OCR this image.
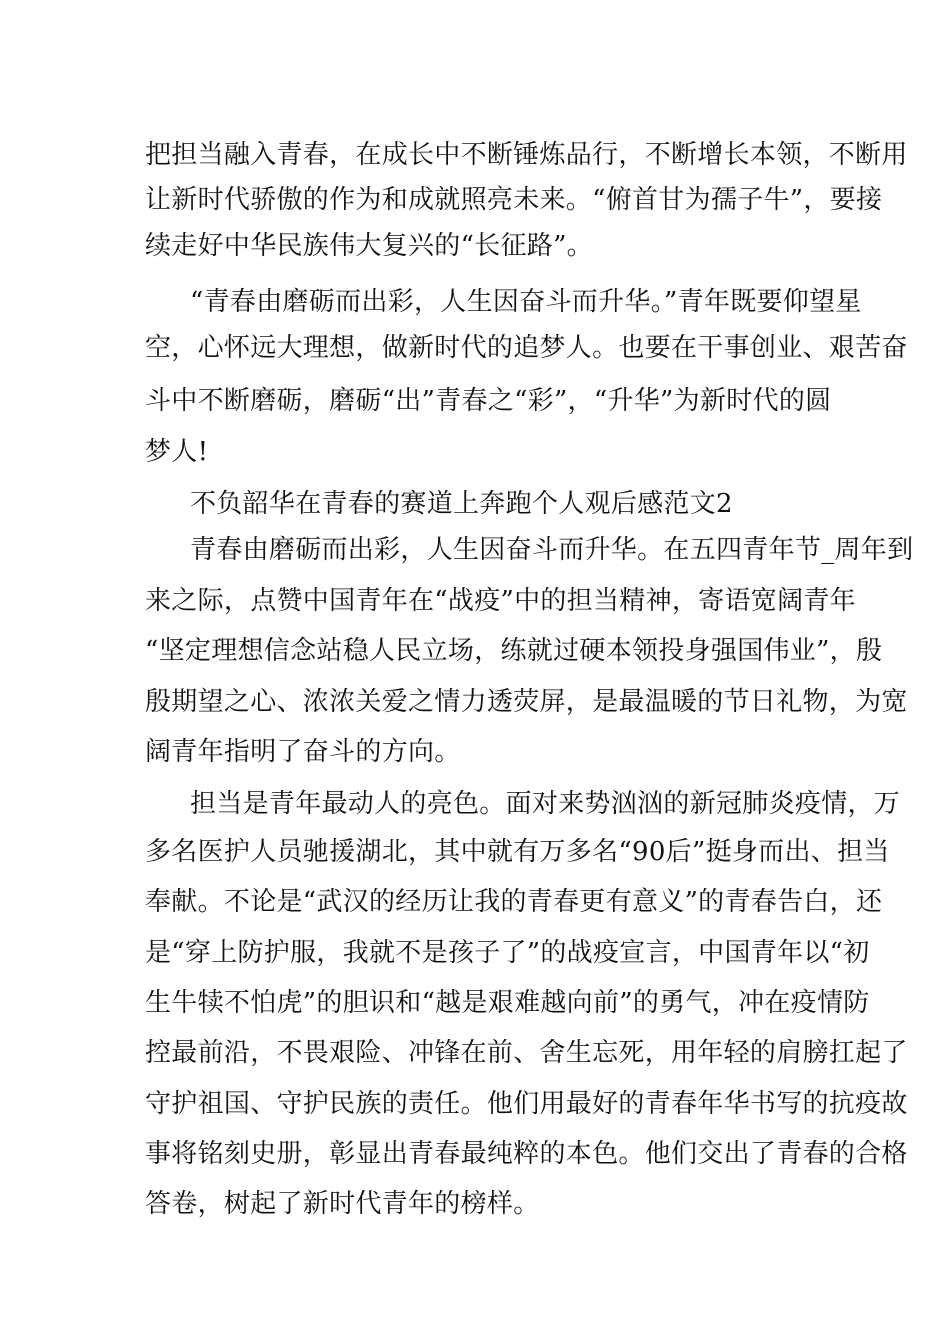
把担当融入青春，在成长中不断锤炼品行，不断增长本领，不断用
让新时代骄傲的作为和成就照亮未来。“俯首甘为孺子牛”，要接
续走好中华民族伟大复兴的“长征路”。
“青春由磨砺而出彩，人生因奋斗而升华。”青年既要仰望星
空，心怀远大理想，做新时代的追梦人。也要在干事创业、艰苦奋
斗中不断磨砺，磨砺“出”青春之“彩”，“升华”为新时代的圆
梦人!
不负韶华在青春的赛道上奔跑个人观后感范文2
青春由磨砺而出彩，人生因奋斗而升华。在五四青年节_周年到
来之际，点赞中国青年在“战疫”中的担当精神，寄语宽阔青年
“坚定理想信念站稳人民立场，练就过硬本领投身强国伟业”，殷
殷期望之心、浓浓关爱之情力透荧屏，是最温暖的节日礼物，为宽
阔青年指明了奋斗的方向。
担当是青年最动人的亮色。面对来势汹汹的新冠肺炎疫情，万
多名医护人员驰援湖北，其中就有万多名“90后”挺身而出、担当
奉献。不论是“武汉的经历让我的青春更有意义”的青春告白，还
是“穿上防护服，我就不是孩子了”的战疫宣言，中国青年以“初
生牛犊不怕虎”的胆识和“越是艰难越向前”的勇气，冲在疫情防
控最前沿，不畏艰险、冲锋在前、舍生忘死，用年轻的肩膀扛起了
守护祖国、守护民族的责任。他们用最好的青春年华书写的抗疫故
事将铭刻史册，彰显出青春最纯粹的本色。他们交出了青春的合格
答卷，树起了新时代青年的榜样。
